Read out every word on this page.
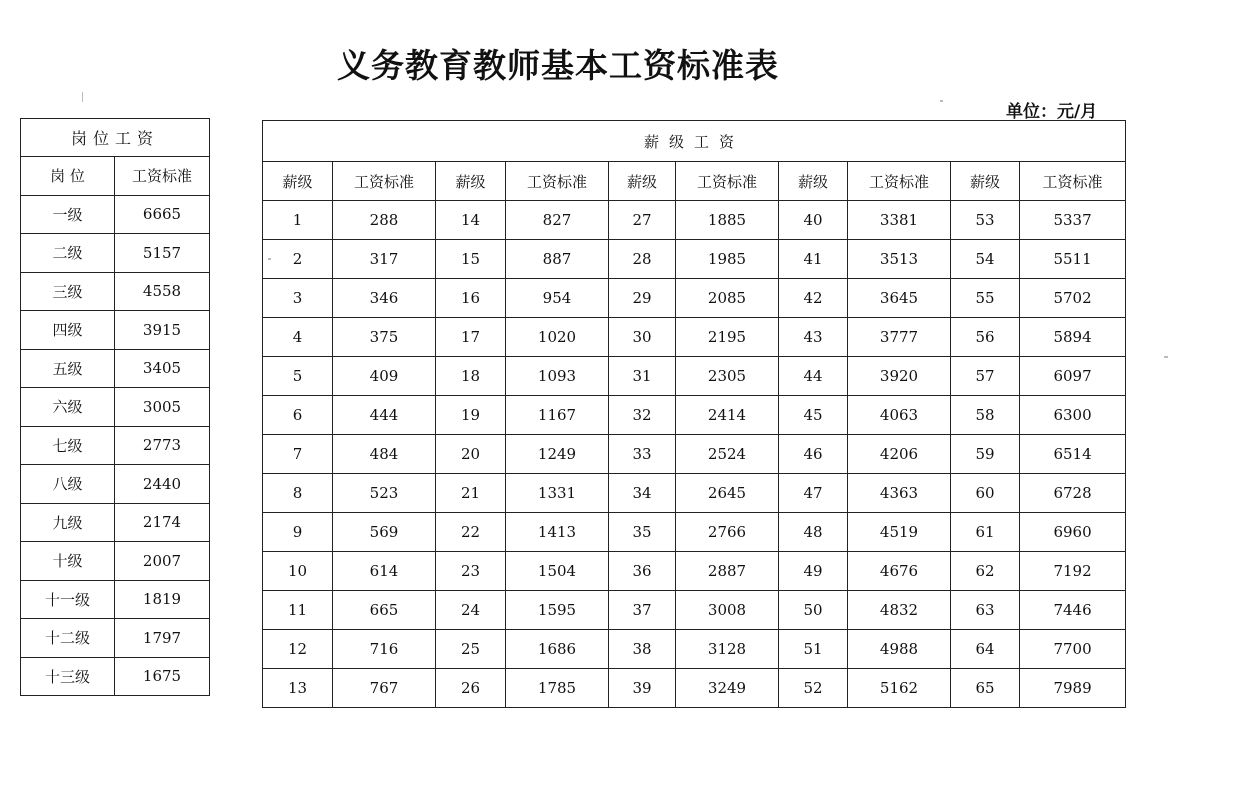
义务教育教师基本工资标准表
单位：元/月
岗位工资	
岗 位	工资标准
一级	6665
二级	5157
三级	4558
四级	3915
五级	3405
六级	3005
七级	2773
八级	2440
九级	2174
十级	2007
十一级	1819
十二级	1797
十三级	1675
薪级工资									
薪级	工资标准	薪级	工资标准	薪级	工资标准	薪级	工资标准	薪级	工资标准
1	288	14	827	27	1885	40	3381	53	5337
2	317	15	887	28	1985	41	3513	54	5511
3	346	16	954	29	2085	42	3645	55	5702
4	375	17	1020	30	2195	43	3777	56	5894
5	409	18	1093	31	2305	44	3920	57	6097
6	444	19	1167	32	2414	45	4063	58	6300
7	484	20	1249	33	2524	46	4206	59	6514
8	523	21	1331	34	2645	47	4363	60	6728
9	569	22	1413	35	2766	48	4519	61	6960
10	614	23	1504	36	2887	49	4676	62	7192
11	665	24	1595	37	3008	50	4832	63	7446
12	716	25	1686	38	3128	51	4988	64	7700
13	767	26	1785	39	3249	52	5162	65	7989
